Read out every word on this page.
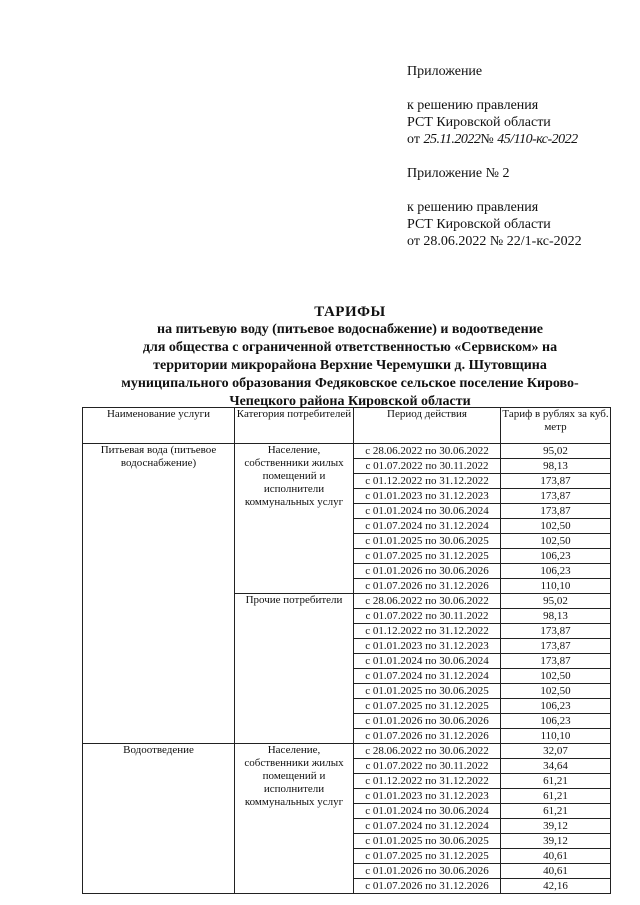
Приложение
к решению правления
РСТ Кировской области
от 25.11.2022№ 45/110-кс-2022
Приложение № 2
к решению правления
РСТ Кировской области
от 28.06.2022 № 22/1-кс-2022
ТАРИФЫ
на питьевую воду (питьевое водоснабжение) и водоотведение
для общества с ограниченной ответственностью «Сервиском» на
территории микрорайона Верхние Черемушки д. Шутовщина
муниципального образования Федяковское сельское поселение Кирово-
Чепецкого района Кировской области
Наименование услуги	Категория потребителей	Период действия	Тариф в рублях за куб. метр
Питьевая вода (питьевое водоснабжение)	Население, собственники жилых помещений и исполнители коммунальных услуг	с 28.06.2022 по 30.06.2022	95,02
		с 01.07.2022 по 30.11.2022	98,13
		с 01.12.2022 по 31.12.2022	173,87
		с 01.01.2023 по 31.12.2023	173,87
		с 01.01.2024 по 30.06.2024	173,87
		с 01.07.2024 по 31.12.2024	102,50
		с 01.01.2025 по 30.06.2025	102,50
		с 01.07.2025 по 31.12.2025	106,23
		с 01.01.2026 по 30.06.2026	106,23
		с 01.07.2026 по 31.12.2026	110,10
	Прочие потребители	с 28.06.2022 по 30.06.2022	95,02
		с 01.07.2022 по 30.11.2022	98,13
		с 01.12.2022 по 31.12.2022	173,87
		с 01.01.2023 по 31.12.2023	173,87
		с 01.01.2024 по 30.06.2024	173,87
		с 01.07.2024 по 31.12.2024	102,50
		с 01.01.2025 по 30.06.2025	102,50
		с 01.07.2025 по 31.12.2025	106,23
		с 01.01.2026 по 30.06.2026	106,23
		с 01.07.2026 по 31.12.2026	110,10
Водоотведение	Население, собственники жилых помещений и исполнители коммунальных услуг	с 28.06.2022 по 30.06.2022	32,07
		с 01.07.2022 по 30.11.2022	34,64
		с 01.12.2022 по 31.12.2022	61,21
		с 01.01.2023 по 31.12.2023	61,21
		с 01.01.2024 по 30.06.2024	61,21
		с 01.07.2024 по 31.12.2024	39,12
		с 01.01.2025 по 30.06.2025	39,12
		с 01.07.2025 по 31.12.2025	40,61
		с 01.01.2026 по 30.06.2026	40,61
		с 01.07.2026 по 31.12.2026	42,16
